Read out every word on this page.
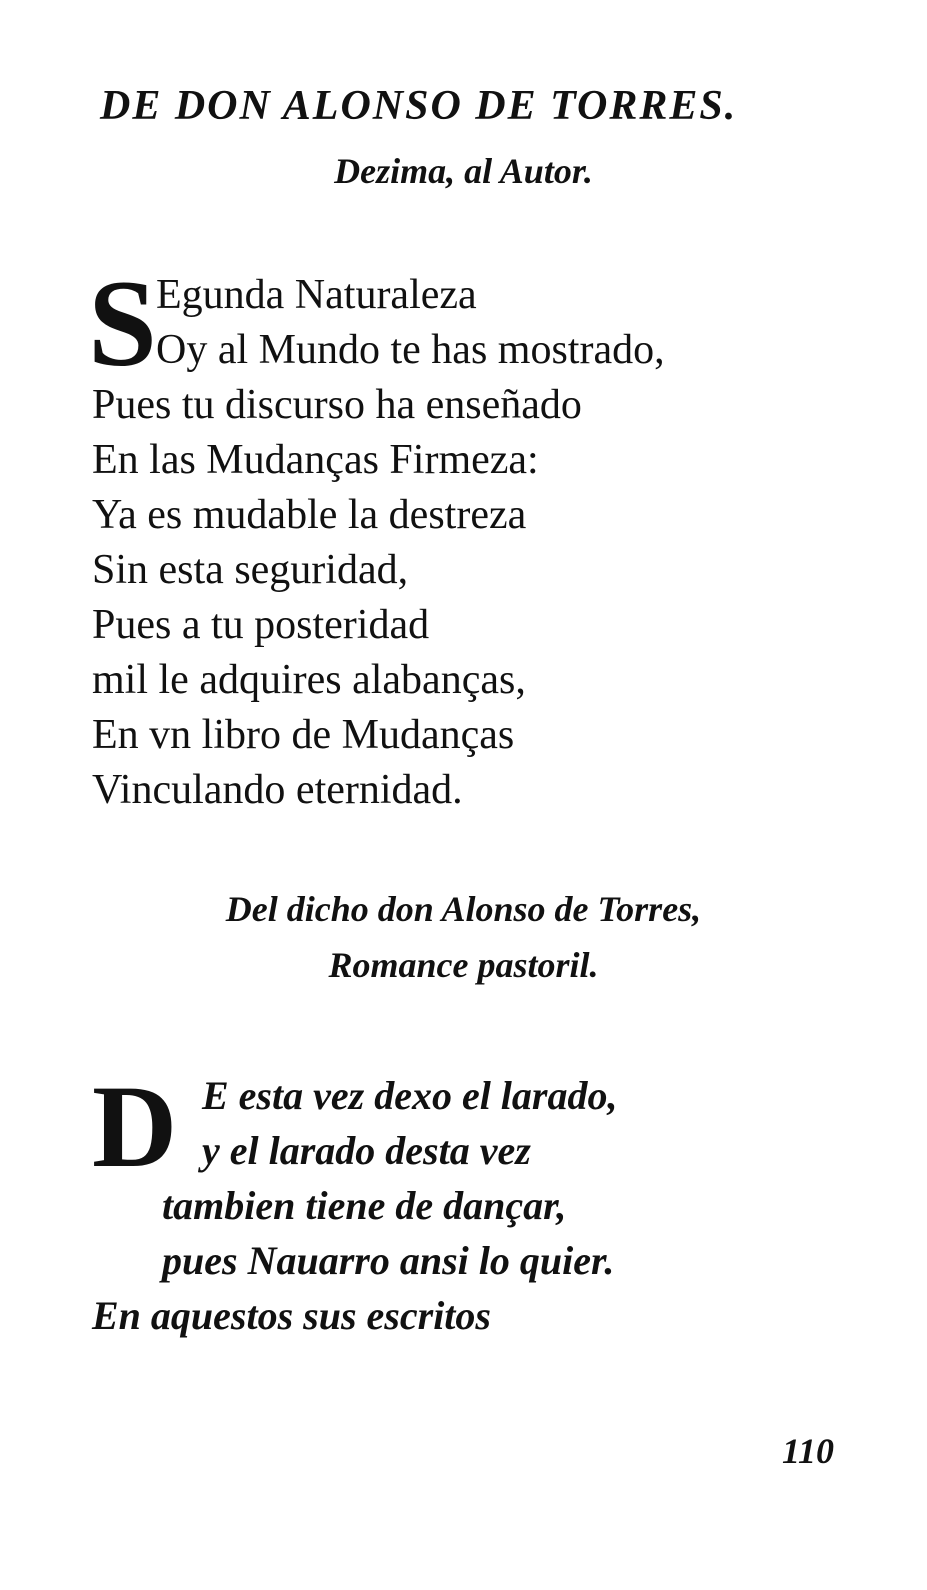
DE DON ALONSO DE TORRES.
Dezima, al Autor.
S Egunda Naturaleza
Oy al Mundo te has mostrado,
Pues tu discurso ha enseñado
En las Mudanças Firmeza:
Ya es mudable la destreza
Sin esta seguridad,
Pues a tu posteridad
mil le adquires alabanças,
En vn libro de Mudanças
Vinculando eternidad.
Del dicho don Alonso de Torres,
Romance pastoril.
D E esta vez dexo el larado,
y el larado desta vez
tambien tiene de dançar,
pues Nauarro ansi lo quier.
En aquestos sus escritos
110
